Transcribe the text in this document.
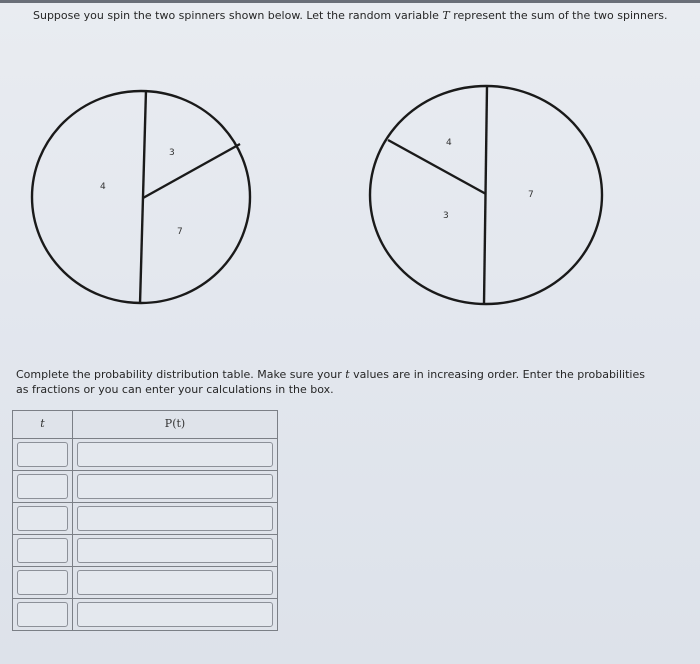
Suppose you spin the two spinners shown below. Let the random variable T represent the sum of the two spinners.

3
4
7
4
7
3

Complete the probability distribution table. Make sure your t values are in increasing order. Enter the probabilities as fractions or you can enter your calculations in the box.

t	P(t)
